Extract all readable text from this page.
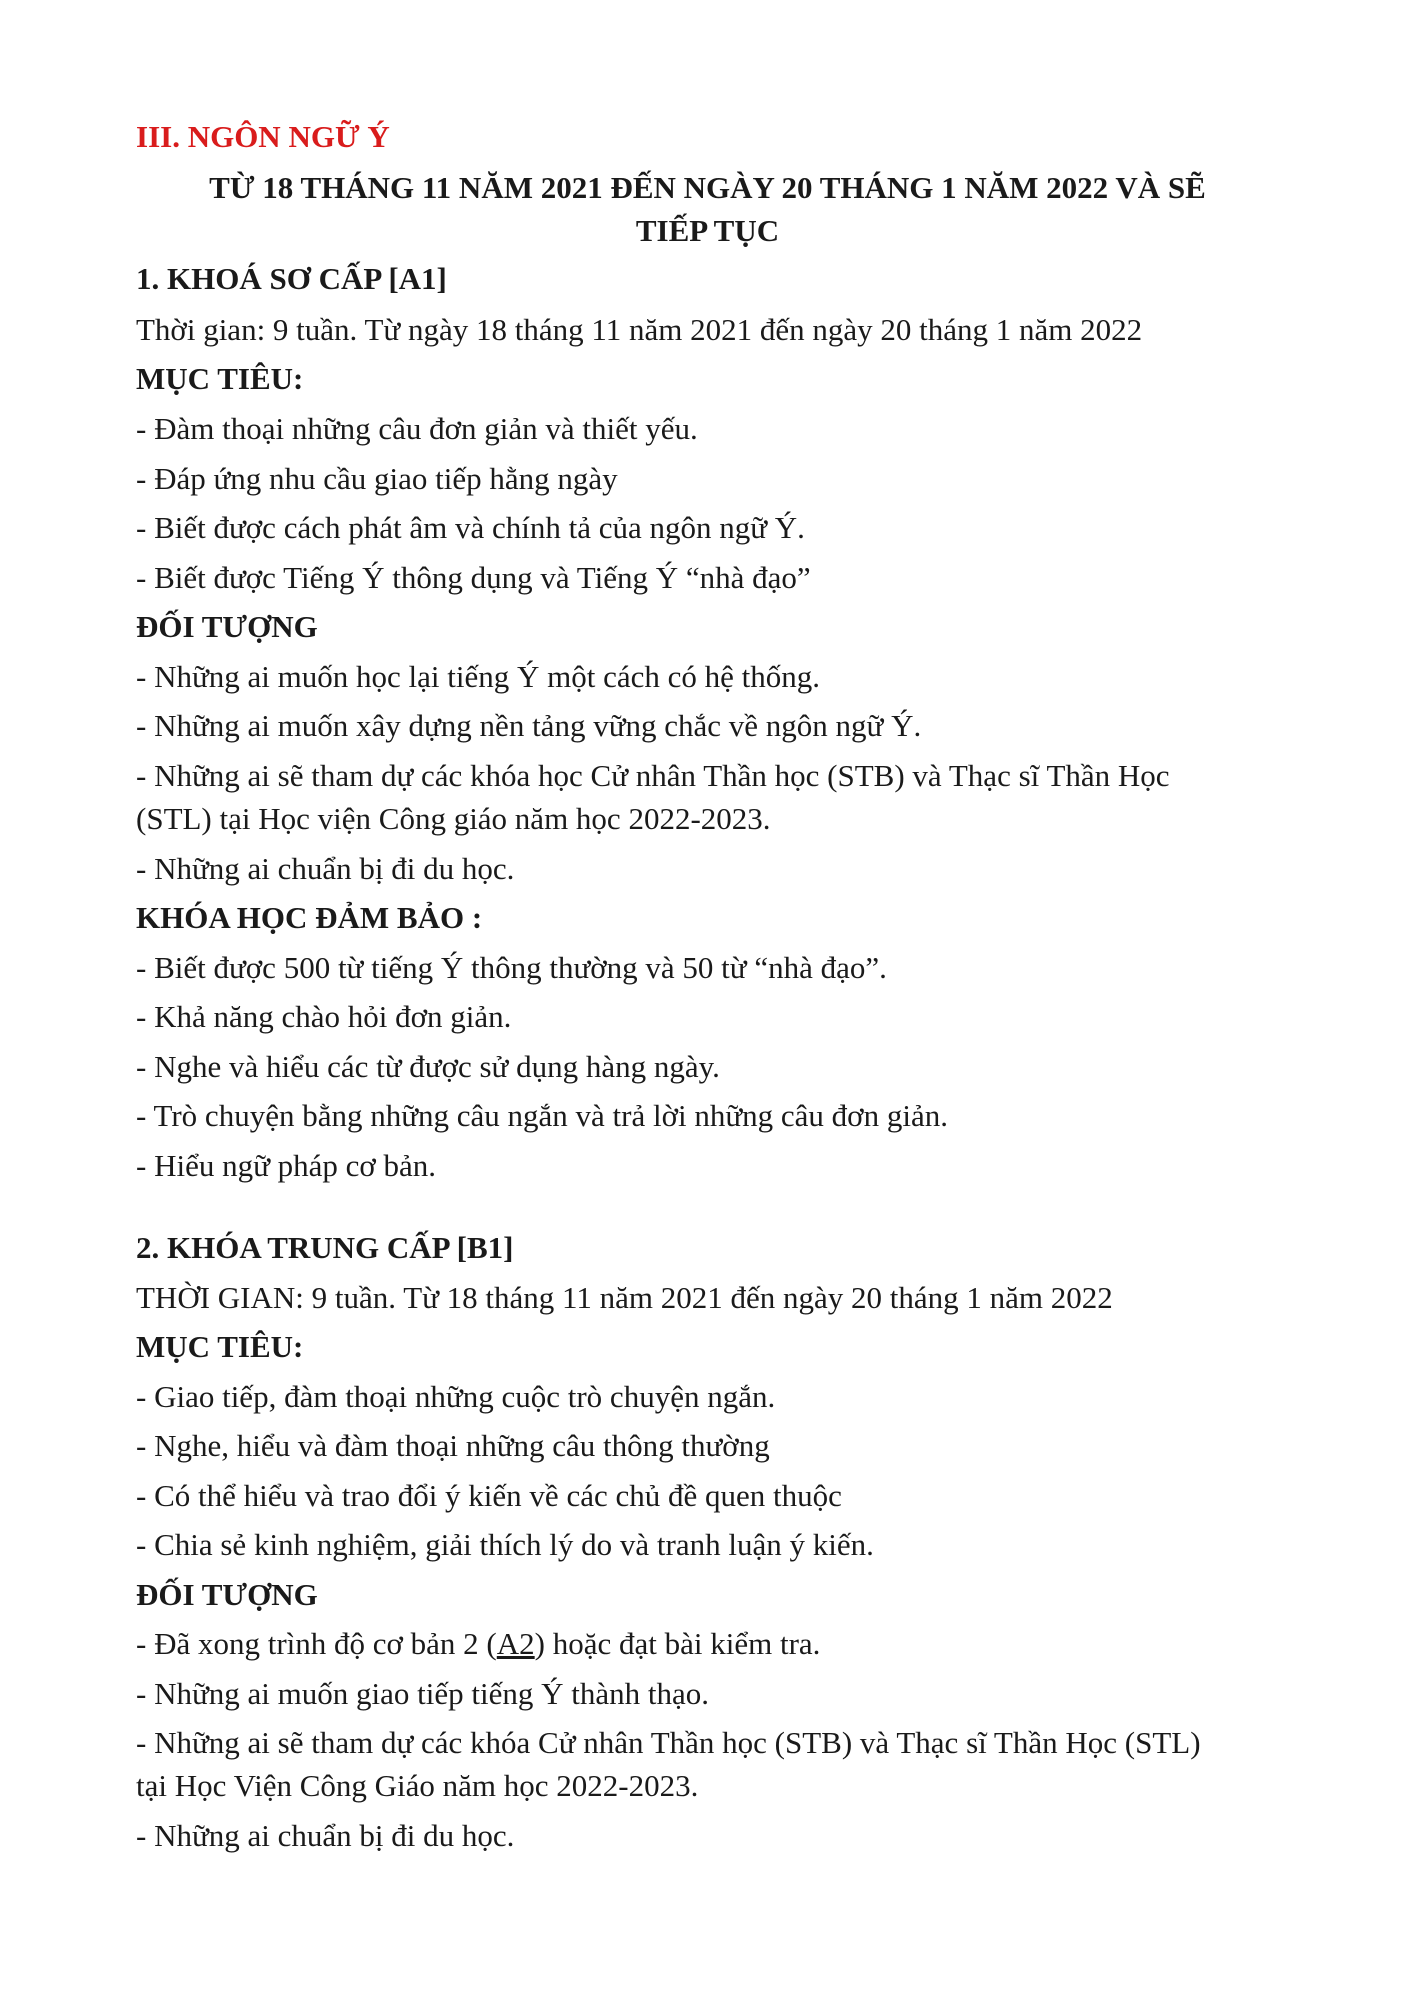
III. NGÔN NGỮ Ý
TỪ 18 THÁNG 11 NĂM 2021 ĐẾN NGÀY 20 THÁNG 1 NĂM 2022 VÀ SẼ
TIẾP TỤC
1. KHOÁ SƠ CẤP [A1]
Thời gian: 9 tuần. Từ ngày 18 tháng 11 năm 2021 đến ngày 20 tháng 1 năm 2022
MỤC TIÊU:
- Đàm thoại những câu đơn giản và thiết yếu.
- Đáp ứng nhu cầu giao tiếp hằng ngày
- Biết được cách phát âm và chính tả của ngôn ngữ Ý.
- Biết được Tiếng Ý thông dụng và Tiếng Ý “nhà đạo”
ĐỐI TƯỢNG
- Những ai muốn học lại tiếng Ý một cách có hệ thống.
- Những ai muốn xây dựng nền tảng vững chắc về ngôn ngữ Ý.
- Những ai sẽ tham dự các khóa học Cử nhân Thần học (STB) và Thạc sĩ Thần Học
(STL) tại Học viện Công giáo năm học 2022-2023.
- Những ai chuẩn bị đi du học.
KHÓA HỌC ĐẢM BẢO :
- Biết được 500 từ tiếng Ý thông thường và 50 từ “nhà đạo”.
- Khả năng chào hỏi đơn giản.
- Nghe và hiểu các từ được sử dụng hàng ngày.
- Trò chuyện bằng những câu ngắn và trả lời những câu đơn giản.
- Hiểu ngữ pháp cơ bản.
2. KHÓA TRUNG CẤP [B1]
THỜI GIAN: 9 tuần. Từ 18 tháng 11 năm 2021 đến ngày 20 tháng 1 năm 2022
MỤC TIÊU:
- Giao tiếp, đàm thoại những cuộc trò chuyện ngắn.
- Nghe, hiểu và đàm thoại những câu thông thường
- Có thể hiểu và trao đổi ý kiến về các chủ đề quen thuộc
- Chia sẻ kinh nghiệm, giải thích lý do và tranh luận ý kiến.
ĐỐI TƯỢNG
- Đã xong trình độ cơ bản 2 (A2) hoặc đạt bài kiểm tra.
- Những ai muốn giao tiếp tiếng Ý thành thạo.
- Những ai sẽ tham dự các khóa Cử nhân Thần học (STB) và Thạc sĩ Thần Học (STL)
tại Học Viện Công Giáo năm học 2022-2023.
- Những ai chuẩn bị đi du học.
